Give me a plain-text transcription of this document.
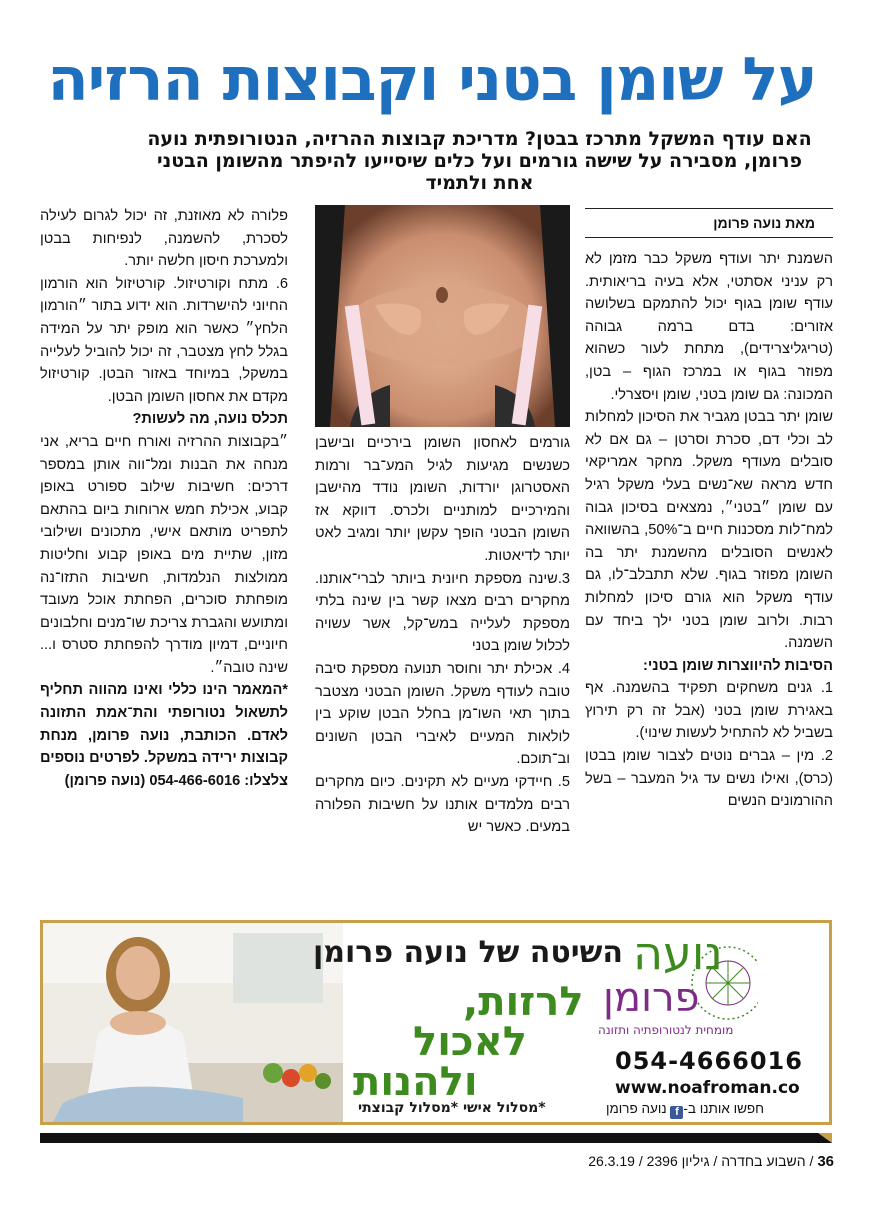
על שומן בטני וקבוצות הרזיה
האם עודף המשקל מתרכז בבטן? מדריכת קבוצות ההרזיה, הנטורופתית נועה פרומן, מסבירה על שישה גורמים ועל כלים שיסייעו להיפתר מהשומן הבטני אחת ולתמיד
מאת נועה פרומן

השמנת יתר ועודף משקל כבר מזמן לא רק עניני אסתטי, אלא בעיה בריאותית. עודף שומן בגוף יכול להתמקם בשלושה אזורים: בדם ברמה גבוהה (טריגליצרידים), מתחת לעור כשהוא מפוזר בגוף או במרכז הגוף – בטן, המכונה: גם שומן בטני, שומן ויסצרלי.

שומן יתר בבטן מגביר את הסיכון למחלות לב וכלי דם, סכרת וסרטן – גם אם לא סובלים מעודף משקל. מחקר אמריקאי חדש מראה שא־נשים בעלי משקל רגיל עם שומן ״בטני״, נמצאים בסיכון גבוה למח־לות מסכנות חיים ב־50%, בהשוואה לאנשים הסובלים מהשמנת יתר בה השומן מפוזר בגוף. שלא תתבלב־לו, גם עודף משקל הוא גורם סיכון למחלות רבות. ולרוב שומן בטני ילך ביחד עם השמנה.

הסיבות להיווצרות שומן בטני:

1. גנים משחקים תפקיד בהשמנה. אף באגירת שומן בטני (אבל זה רק תירוץ בשביל לא להתחיל לעשות שינוי).

2. מין – גברים נוטים לצבור שומן בבטן (כרס), ואילו נשים עד גיל המעבר – בשל ההורמונים הנשים

גורמים לאחסון השומן בירכיים ובישבן כשנשים מגיעות לגיל המע־בר ורמות האסטרוגן יורדות, השומן נודד מהישבן והמירכיים למותניים ולכרס. דווקא אז השומן הבטני הופך עקשן יותר ומגיב לאט יותר לדיאטות.

3.שינה מספקת חיונית ביותר לברי־אותנו. מחקרים רבים מצאו קשר בין שינה בלתי מספקת לעלייה במש־קל, אשר עשויה לכלול שומן בטני

4. אכילת יתר וחוסר תנועה מספקת סיבה טובה לעודף משקל. השומן הבטני מצטבר בתוך תאי השו־מן בחלל הבטן שוקע בין לולאות המעיים לאיברי הבטן השונים וב־תוכם.

5. חיידקי מעיים לא תקינים. כיום מחקרים רבים מלמדים אותנו על חשיבות הפלורה במעים. כאשר יש

פלורה לא מאוזנת, זה יכול לגרום לעילה לסכרת, להשמנה, לנפיחות בבטן ולמערכת חיסון חלשה יותר.

6. מתח וקורטיזול. קורטיזול הוא הורמון החיוני להישרדות. הוא ידוע בתור ״הורמון הלחץ״ כאשר הוא מופק יתר על המידה בגלל לחץ מצטבר, זה יכול להוביל לעלייה במשקל, במיוחד באזור הבטן. קורטיזול מקדם את אחסון השומן הבטן.

תכלס נועה, מה לעשות?

״בקבוצות ההרזיה ואורח חיים בריא, אני מנחה את הבנות ומל־ווה אותן במספר דרכים: חשיבות שילוב ספורט באופן קבוע, אכילת חמש ארוחות ביום בהתאם לתפריט מותאם אישי, מתכונים ושילובי מזון, שתיית מים באופן קבוע וחליטות ממולצות הנלמדות, חשיבות התזו־נה מופחתת סוכרים, הפחתת אוכל מעובד ומתועש והגברת צריכת שו־מנים וחלבונים חיוניים, דמיון מודרך להפחתת סטרס ו... שינה טובה״.

*המאמר הינו כללי ואינו מהווה תחליף לתשאול נטורופתי והת־אמת התזונה לאדם. הכותבת, נועה פרומן, מנחת קבוצות ירידה במשקל. לפרטים נוספים צלצלו: 054-466-6016 (נועה פרומן)

השיטה של נועה פרומן
לרזות,
לאכול
ולהנות
*מסלול אישי *מסלול קבוצתי
נועה
פרומן
מומחית לנטורופתיה ותזונה
054-4666016
www.noafroman.co
חפשו אותנו ב-f נועה פרומן
36 / השבוע בחדרה / גיליון 2396 / 26.3.19
